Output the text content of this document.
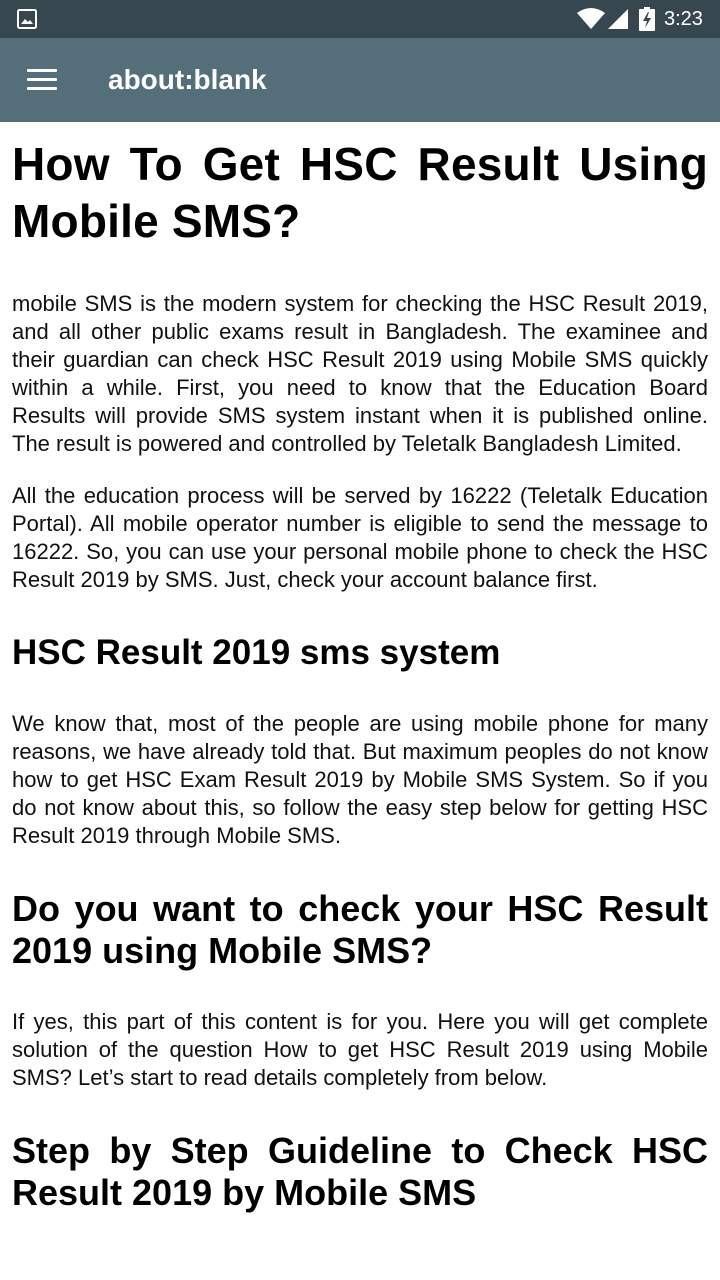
3:23
about:blank
How To Get HSC Result Using Mobile SMS?

mobile SMS is the modern system for checking the HSC Result 2019, and all other public exams result in Bangladesh. The examinee and their guardian can check HSC Result 2019 using Mobile SMS quickly within a while. First, you need to know that the Education Board Results will provide SMS system instant when it is published online. The result is powered and controlled by Teletalk Bangladesh Limited.

All the education process will be served by 16222 (Teletalk Education Portal). All mobile operator number is eligible to send the message to 16222. So, you can use your personal mobile phone to check the HSC Result 2019 by SMS. Just, check your account balance first.

HSC Result 2019 sms system

We know that, most of the people are using mobile phone for many reasons, we have already told that. But maximum peoples do not know how to get HSC Exam Result 2019 by Mobile SMS System. So if you do not know about this, so follow the easy step below for getting HSC Result 2019 through Mobile SMS.

Do you want to check your HSC Result 2019 using Mobile SMS?

If yes, this part of this content is for you. Here you will get complete solution of the question How to get HSC Result 2019 using Mobile SMS? Let’s start to read details completely from below.

Step by Step Guideline to Check HSC Result 2019 by Mobile SMS
